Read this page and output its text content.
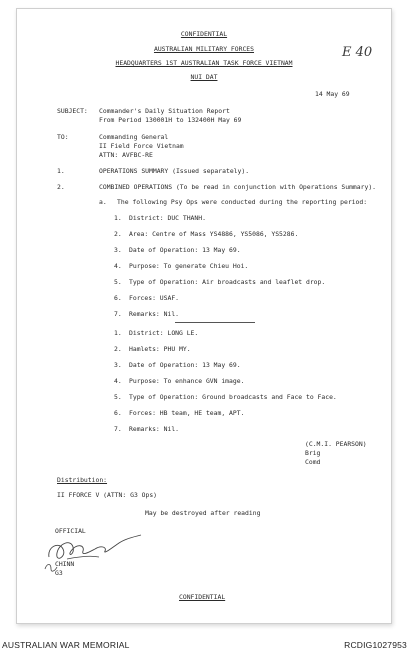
CONFIDENTIAL
AUSTRALIAN MILITARY FORCES
HEADQUARTERS 1ST AUSTRALIAN TASK FORCE VIETNAM
NUI DAT
E 40
14 May 69
SUBJECT: Commander's Daily Situation Report
From Period 130001H to 132400H May 69
TO:	Commanding General
II Field Force Vietnam
ATTN: AVFBC-RE
1.	OPERATIONS SUMMARY (Issued separately).
2.	COMBINED OPERATIONS (To be read in conjunction with Operations Summary).
a. The following Psy Ops were conducted during the reporting period:
1. District: DUC THANH.
2. Area: Centre of Mass YS4886, YS5086, YS5286.
3. Date of Operation: 13 May 69.
4. Purpose: To generate Chieu Hoi.
5. Type of Operation: Air broadcasts and leaflet drop.
6. Forces: USAF.
7. Remarks: Nil.
1. District: LONG LE.
2. Hamlets: PHU MY.
3. Date of Operation: 13 May 69.
4. Purpose: To enhance GVN image.
5. Type of Operation: Ground broadcasts and Face to Face.
6. Forces: HB team, HE team, APT.
7. Remarks: Nil.
(C.M.I. PEARSON)
Brig
Comd
Distribution:
II FFORCE V (ATTN: G3 Ops)
May be destroyed after reading
OFFICIAL
CHINN
G3
CONFIDENTIAL
AUSTRALIAN WAR MEMORIAL	RCDIG1027953
